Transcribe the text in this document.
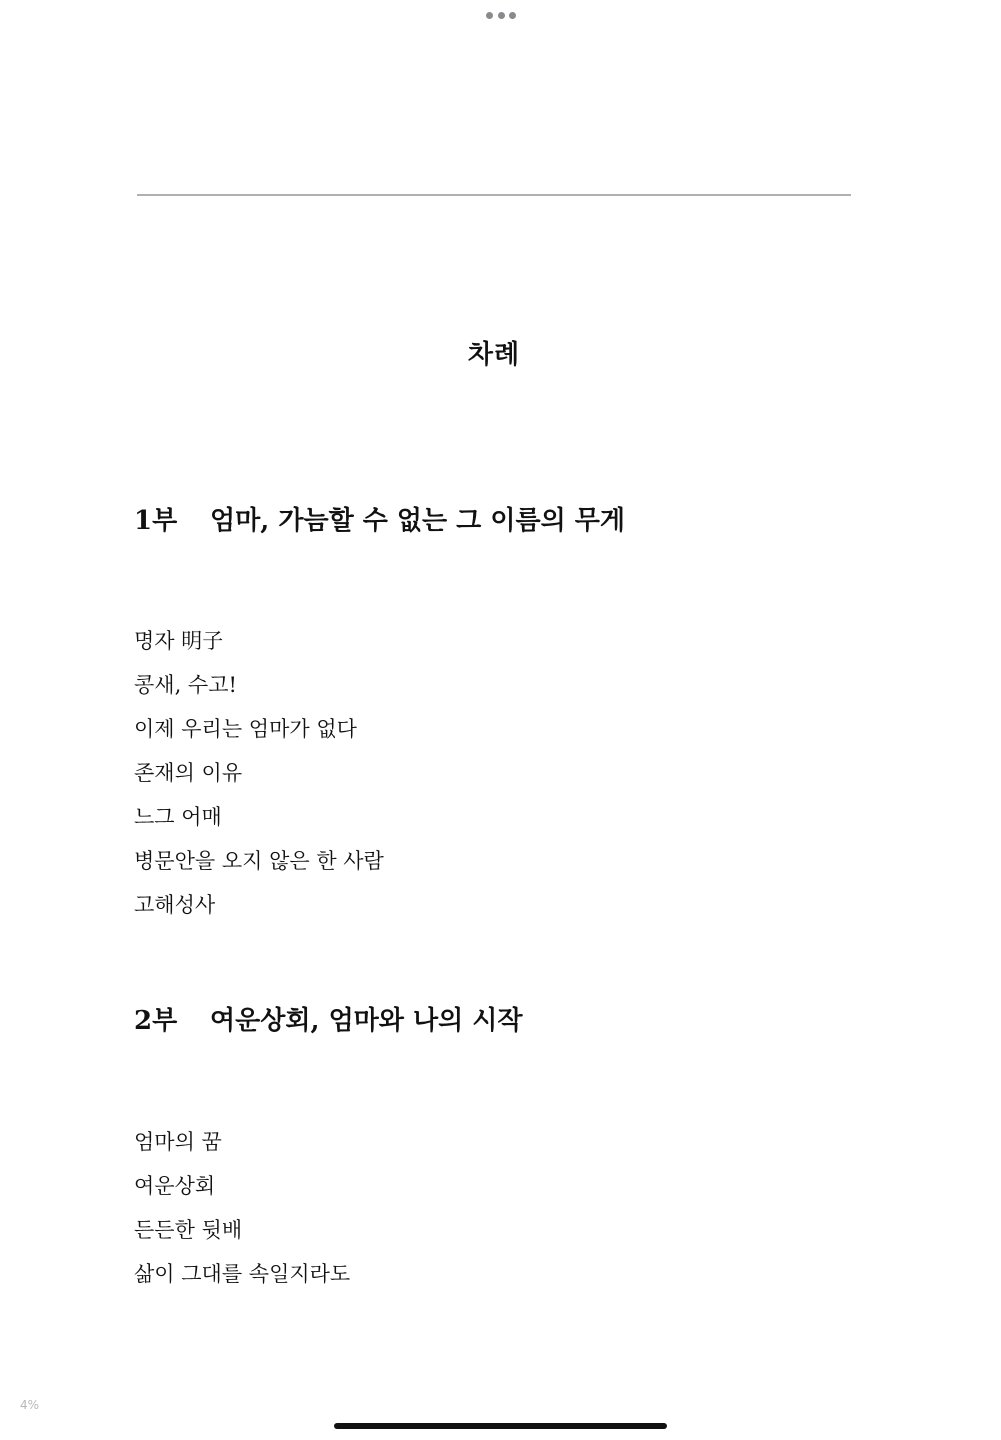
차례
1부 엄마, 가늠할 수 없는 그 이름의 무게
명자 明子
콩새, 수고!
이제 우리는 엄마가 없다
존재의 이유
느그 어매
병문안을 오지 않은 한 사람
고해성사
2부 여운상회, 엄마와 나의 시작
엄마의 꿈
여운상회
든든한 뒷배
삶이 그대를 속일지라도
4%
